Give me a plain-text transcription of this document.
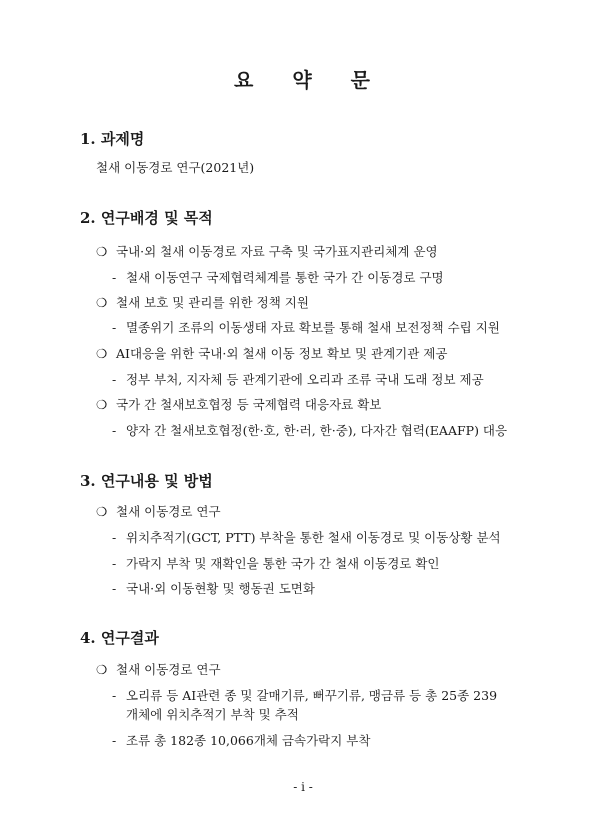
요 약 문
1. 과제명
철새 이동경로 연구(2021년)
2. 연구배경 및 목적
❍ 국내·외 철새 이동경로 자료 구축 및 국가표지관리체계 운영
- 철새 이동연구 국제협력체계를 통한 국가 간 이동경로 구명
❍ 철새 보호 및 관리를 위한 정책 지원
- 멸종위기 조류의 이동생태 자료 확보를 통해 철새 보전정책 수립 지원
❍ AI대응을 위한 국내·외 철새 이동 정보 확보 및 관계기관 제공
- 정부 부처, 지자체 등 관계기관에 오리과 조류 국내 도래 정보 제공
❍ 국가 간 철새보호협정 등 국제협력 대응자료 확보
- 양자 간 철새보호협정(한·호, 한·러, 한·중), 다자간 협력(EAAFP) 대응
3. 연구내용 및 방법
❍ 철새 이동경로 연구
- 위치추적기(GCT, PTT) 부착을 통한 철새 이동경로 및 이동상황 분석
- 가락지 부착 및 재확인을 통한 국가 간 철새 이동경로 확인
- 국내·외 이동현황 및 행동권 도면화
4. 연구결과
❍ 철새 이동경로 연구
- 오리류 등 AI관련 종 및 갈매기류, 뻐꾸기류, 맹금류 등 총 25종 239
개체에 위치추적기 부착 및 추적
- 조류 총 182종 10,066개체 금속가락지 부착
- i -
